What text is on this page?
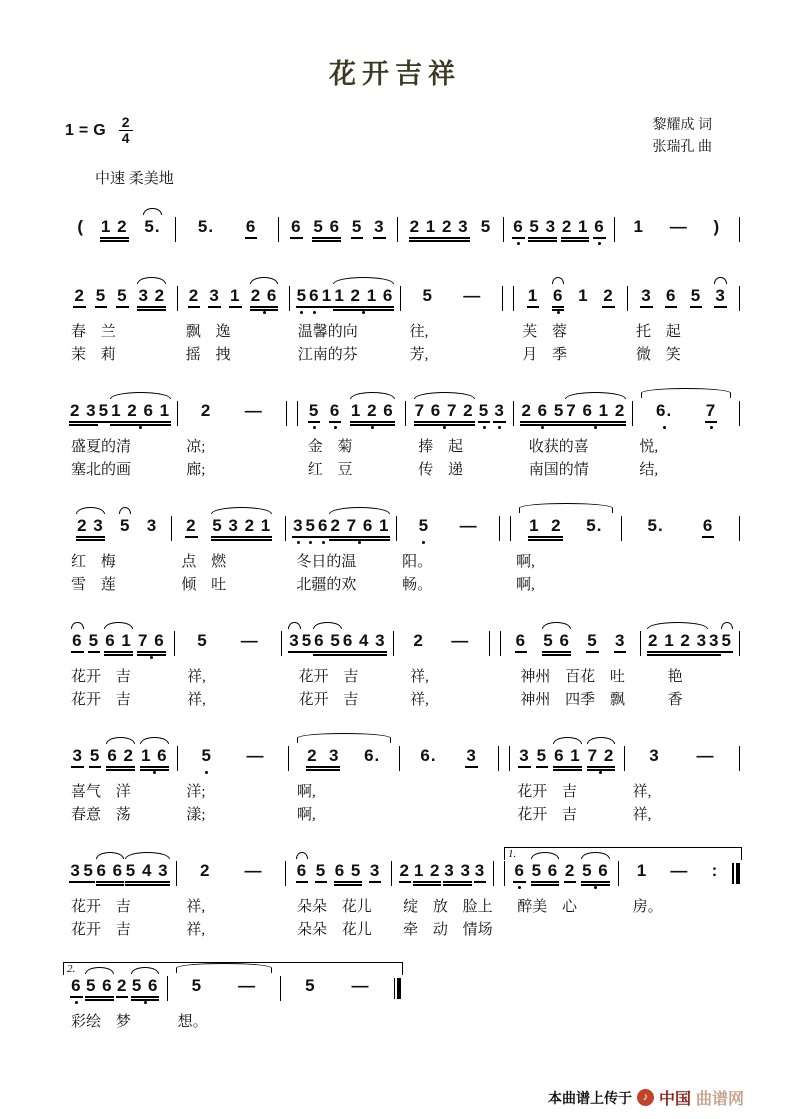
花开吉祥
1 = G $\frac{2}{4}$	黎耀成 词
张瑞孔 曲
中速 柔美地
( 1 2 5. 5. 6 6 5 6 5 3 2 1 2 3 5 6 5 3 2 1 6 1 — )
2 5 5 3 2 2 3 1 2 6 5 6 1 1 2 1 6 5 —	1 6 1 2 3 6 5 3
春 兰	飘 逸	温馨的向	往,	芙 蓉	托 起
茉 莉	摇 拽	江南的芬	芳,	月 季	微 笑
2 3 5 1 2 6 1 2 —	5 6 1 2 6 7 6 7 2 5 3 2 6 5 7 6 1 2 6. 7
盛夏的清	凉;	金 菊	捧 起	收获的喜	悦,
塞北的画	廊;	红 豆	传 递	南国的情	结,
2 3 5 3 2 5 3 2 1 3 5 6 2 7 6 1 5 —	1  2 5.	5. 6
红 梅	点 燃	冬日的温	阳。	啊,
雪 莲	倾 吐	北疆的欢	畅。	啊,
6 5 6 1 7 6 5 — 3 5 6 5 6 4 3 2 —	6 5 6 5 3 2 1 2 3 3 5
花开 吉	祥,	花开 吉	祥,	神州 百花 吐	艳
花开 吉	祥,	花开 吉	祥,	神州 四季 飘	香
3 5 6 2 1 6 5 —	2  3 6. 6. 3 3 5 6 1 7 2 3 —
喜气 洋	洋;	啊,	花开 吉	祥,
春意 荡	漾;	啊,	花开 吉	祥,
3 5 6 6 5 4 3 2 — 6 5 6 5 3 2 1 2 3 3 3 6 5 6 2 5 6 1 — :
花开 吉	祥,	朵朵 花儿	绽 放 脸上	醉美 心	房。
花开 吉	祥,	朵朵 花儿	牵 动 情场
1.
6 5 6 2 5 6 5 —	5 —
彩绘 梦	想。
2.
本曲谱上传于 ♪ 中国 曲谱网
